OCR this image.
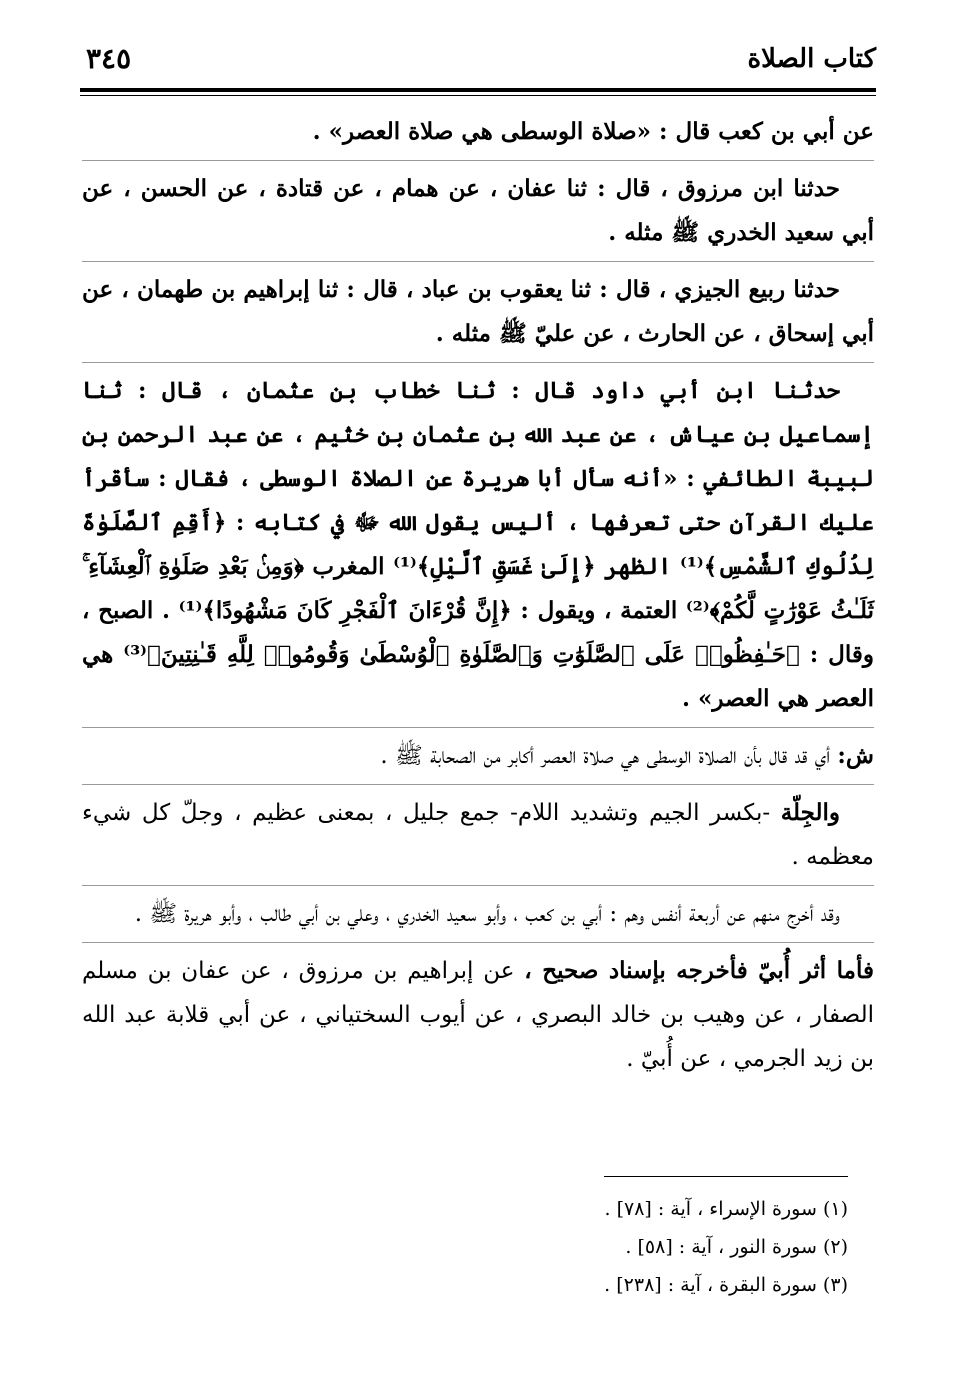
كتاب الصلاة
٣٤٥

عن أبي بن كعب قال : «صلاة الوسطى هي صلاة العصر» .

حدثنا ابن مرزوق ، قال : ثنا عفان ، عن همام ، عن قتادة ، عن الحسن ، عن أبي سعيد الخدري ﷺ مثله .

حدثنا ربيع الجيزي ، قال : ثنا يعقوب بن عباد ، قال : ثنا إبراهيم بن طهمان ، عن أبي إسحاق ، عن الحارث ، عن عليّ ﷺ مثله .

حدثنا ابن أبي داود قال : ثنا خطاب بن عثمان ، قال : ثنا إسماعيل بن عياش ، عن عبد الله بن عثمان بن خثيم ، عن عبد الرحمن بن لبيبة الطائفي : «أنه سأل أبا هريرة عن الصلاة الوسطى ، فقال : سأقرأ عليك القرآن حتى تعرفها ، أليس يقول الله ﷻ في كتابه : ﴿أَقِمِ ٱلصَّلَوٰةَ لِدُلُوكِ ٱلشَّمْسِ﴾⁽¹⁾ الظهر ﴿إِلَىٰ غَسَقِ ٱلَّيْلِ﴾⁽¹⁾ المغرب ﴿وَمِنۢ بَعْدِ صَلَوٰةِ ٱلْعِشَآءِ ۚ ثَلَـٰثُ عَوْرَٰتٍ لَّكُمْ﴾⁽²⁾ العتمة ، ويقول : ﴿إِنَّ قُرْءَانَ ٱلْفَجْرِ كَانَ مَشْهُودًا﴾⁽¹⁾ . الصبح ، وقال : ﴿حَـٰفِظُوا۟ عَلَى ٱلصَّلَوَٰتِ وَٱلصَّلَوٰةِ ٱلْوُسْطَىٰ وَقُومُوا۟ لِلَّهِ قَـٰنِتِينَ﴾⁽³⁾ هي العصر هي العصر» .

ش: أي قد قال بأن الصلاة الوسطى هي صلاة العصر أكابر من الصحابة ﷺ .

والجِلّة -بكسر الجيم وتشديد اللام- جمع جليل ، بمعنى عظيم ، وجلّ كل شيء معظمه .

وقد أخرج منهم عن أربعة أنفس وهم : أبي بن كعب ، وأبو سعيد الخدري ، وعلي بن أبي طالب ، وأبو هريرة ﷺ .

فأما أثر أُبيّ فأخرجه بإسناد صحيح ، عن إبراهيم بن مرزوق ، عن عفان بن مسلم الصفار ، عن وهيب بن خالد البصري ، عن أيوب السختياني ، عن أبي قلابة عبد الله بن زيد الجرمي ، عن أُبيّ .

(١) سورة الإسراء ، آية : [٧٨] .

(٢) سورة النور ، آية : [٥٨] .

(٣) سورة البقرة ، آية : [٢٣٨] .
